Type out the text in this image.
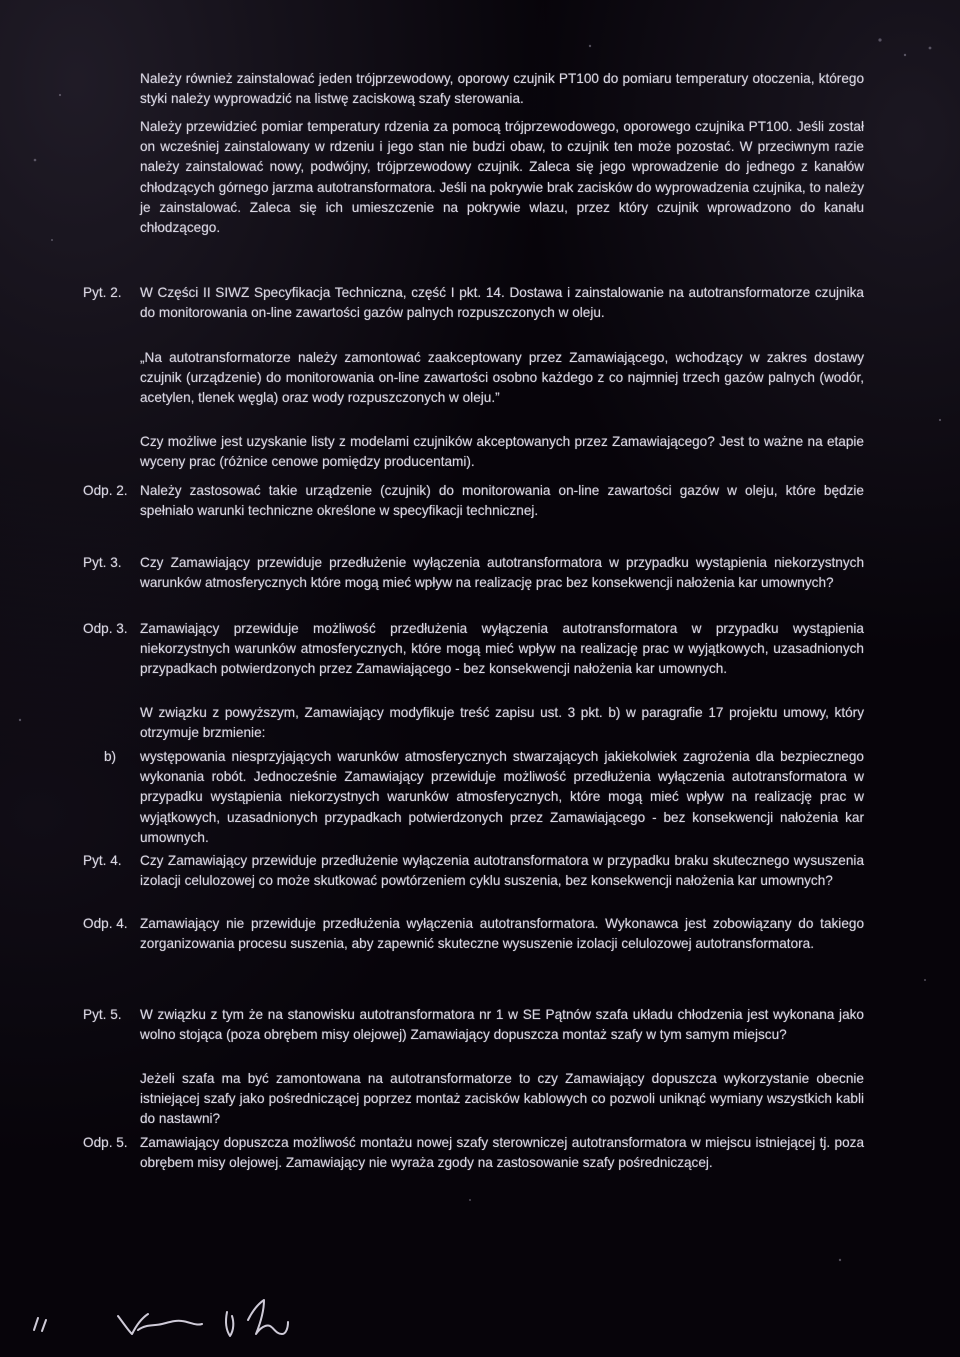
Należy również zainstalować jeden trójprzewodowy, oporowy czujnik PT100 do pomiaru temperatury otoczenia, którego styki należy wyprowadzić na listwę zaciskową szafy sterowania.

Należy przewidzieć pomiar temperatury rdzenia za pomocą trójprzewodowego, oporowego czujnika PT100. Jeśli został on wcześniej zainstalowany w rdzeniu i jego stan nie budzi obaw, to czujnik ten może pozostać. W przeciwnym razie należy zainstalować nowy, podwójny, trójprzewodowy czujnik. Zaleca się jego wprowadzenie do jednego z kanałów chłodzących górnego jarzma autotransformatora. Jeśli na pokrywie brak zacisków do wyprowadzenia czujnika, to należy je zainstalować. Zaleca się ich umieszczenie na pokrywie wlazu, przez który czujnik wprowadzono do kanału chłodzącego.

Pyt. 2. W Części II SIWZ Specyfikacja Techniczna, część I pkt. 14. Dostawa i zainstalowanie na autotransformatorze czujnika do monitorowania on-line zawartości gazów palnych rozpuszczonych w oleju.

„Na autotransformatorze należy zamontować zaakceptowany przez Zamawiającego, wchodzący w zakres dostawy czujnik (urządzenie) do monitorowania on-line zawartości osobno każdego z co najmniej trzech gazów palnych (wodór, acetylen, tlenek węgla) oraz wody rozpuszczonych w oleju.”

Czy możliwe jest uzyskanie listy z modelami czujników akceptowanych przez Zamawiającego? Jest to ważne na etapie wyceny prac (różnice cenowe pomiędzy producentami).

Odp. 2. Należy zastosować takie urządzenie (czujnik) do monitorowania on-line zawartości gazów w oleju, które będzie spełniało warunki techniczne określone w specyfikacji technicznej.

Pyt. 3. Czy Zamawiający przewiduje przedłużenie wyłączenia autotransformatora w przypadku wystąpienia niekorzystnych warunków atmosferycznych które mogą mieć wpływ na realizację prac bez konsekwencji nałożenia kar umownych?

Odp. 3. Zamawiający przewiduje możliwość przedłużenia wyłączenia autotransformatora w przypadku wystąpienia niekorzystnych warunków atmosferycznych, które mogą mieć wpływ na realizację prac w wyjątkowych, uzasadnionych przypadkach potwierdzonych przez Zamawiającego - bez konsekwencji nałożenia kar umownych.

W związku z powyższym, Zamawiający modyfikuje treść zapisu ust. 3 pkt. b) w paragrafie 17 projektu umowy, który otrzymuje brzmienie:

b) występowania niesprzyjających warunków atmosferycznych stwarzających jakiekolwiek zagrożenia dla bezpiecznego wykonania robót. Jednocześnie Zamawiający przewiduje możliwość przedłużenia wyłączenia autotransformatora w przypadku wystąpienia niekorzystnych warunków atmosferycznych, które mogą mieć wpływ na realizację prac w wyjątkowych, uzasadnionych przypadkach potwierdzonych przez Zamawiającego - bez konsekwencji nałożenia kar umownych.

Pyt. 4. Czy Zamawiający przewiduje przedłużenie wyłączenia autotransformatora w przypadku braku skutecznego wysuszenia izolacji celulozowej co może skutkować powtórzeniem cyklu suszenia, bez konsekwencji nałożenia kar umownych?

Odp. 4. Zamawiający nie przewiduje przedłużenia wyłączenia autotransformatora. Wykonawca jest zobowiązany do takiego zorganizowania procesu suszenia, aby zapewnić skuteczne wysuszenie izolacji celulozowej autotransformatora.

Pyt. 5. W związku z tym że na stanowisku autotransformatora nr 1 w SE Pątnów szafa układu chłodzenia jest wykonana jako wolno stojąca (poza obrębem misy olejowej) Zamawiający dopuszcza montaż szafy w tym samym miejscu?

Jeżeli szafa ma być zamontowana na autotransformatorze to czy Zamawiający dopuszcza wykorzystanie obecnie istniejącej szafy jako pośredniczącej poprzez montaż zacisków kablowych co pozwoli uniknąć wymiany wszystkich kabli do nastawni?

Odp. 5. Zamawiający dopuszcza możliwość montażu nowej szafy sterowniczej autotransformatora w miejscu istniejącej tj. poza obrębem misy olejowej. Zamawiający nie wyraża zgody na zastosowanie szafy pośredniczącej.
